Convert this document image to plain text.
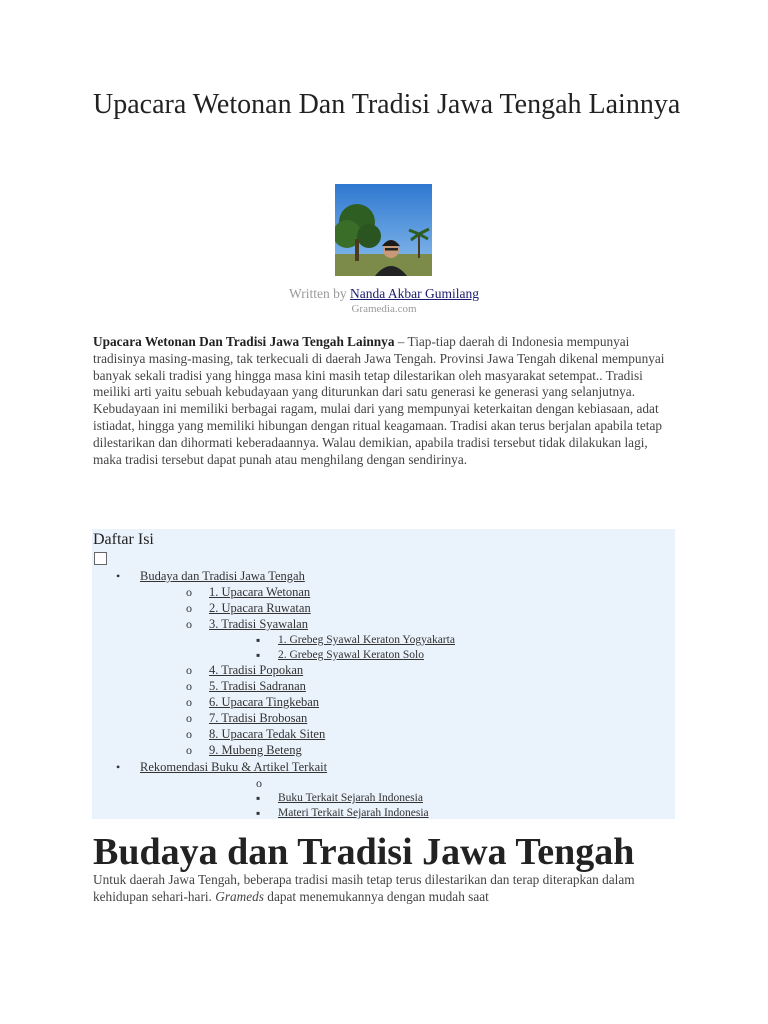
Upacara Wetonan Dan Tradisi Jawa Tengah Lainnya
Written by Nanda Akbar Gumilang
Gramedia.com

Upacara Wetonan Dan Tradisi Jawa Tengah Lainnya – Tiap-tiap daerah di Indonesia mempunyai tradisinya masing-masing, tak terkecuali di daerah Jawa Tengah. Provinsi Jawa Tengah dikenal mempunyai banyak sekali tradisi yang hingga masa kini masih tetap dilestarikan oleh masyarakat setempat.. Tradisi meiliki arti yaitu sebuah kebudayaan yang diturunkan dari satu generasi ke generasi yang selanjutnya.

Kebudayaan ini memiliki berbagai ragam, mulai dari yang mempunyai keterkaitan dengan kebiasaan, adat istiadat, hingga yang memiliki hibungan dengan ritual keagamaan. Tradisi akan terus berjalan apabila tetap dilestarikan dan dihormati keberadaannya. Walau demikian, apabila tradisi tersebut tidak dilakukan lagi, maka tradisi tersebut dapat punah atau menghilang dengan sendirinya.

Daftar Isi
• Budaya dan Tradisi Jawa Tengah
o 1. Upacara Wetonan
o 2. Upacara Ruwatan
o 3. Tradisi Syawalan
▪ 1. Grebeg Syawal Keraton Yogyakarta
▪ 2. Grebeg Syawal Keraton Solo
o 4. Tradisi Popokan
o 5. Tradisi Sadranan
o 6. Upacara Tingkeban
o 7. Tradisi Brobosan
o 8. Upacara Tedak Siten
o 9. Mubeng Beteng
• Rekomendasi Buku & Artikel Terkait
o
▪ Buku Terkait Sejarah Indonesia
▪ Materi Terkait Sejarah Indonesia
Budaya dan Tradisi Jawa Tengah
Untuk daerah Jawa Tengah, beberapa tradisi masih tetap terus dilestarikan dan terap diterapkan dalam kehidupan sehari-hari. Grameds dapat menemukannya dengan mudah saat
